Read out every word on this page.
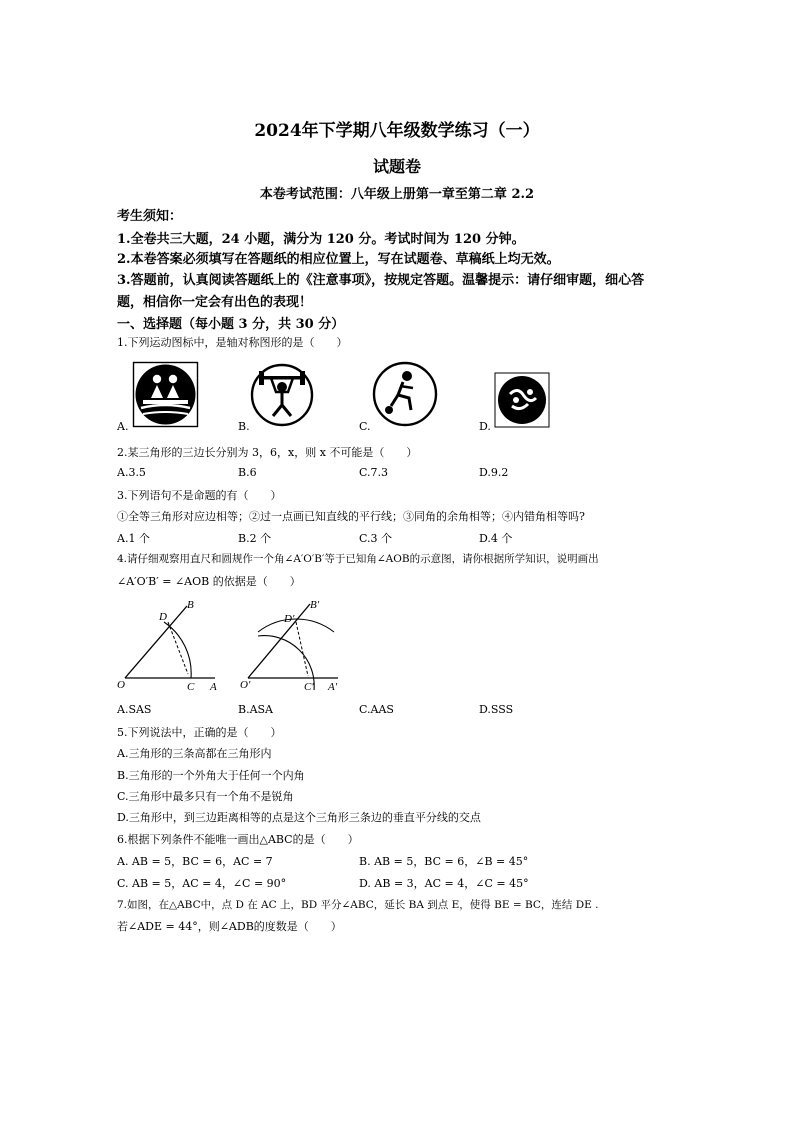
2024年下学期八年级数学练习（一）
试题卷
本卷考试范围：八年级上册第一章至第二章 2.2
考生须知：
1.全卷共三大题，24 小题，满分为 120 分。考试时间为 120 分钟。
2.本卷答案必须填写在答题纸的相应位置上，写在试题卷、草稿纸上均无效。
3.答题前，认真阅读答题纸上的《注意事项》，按规定答题。温馨提示：请仔细审题，细心答
题，相信你一定会有出色的表现！
一、选择题（每小题 3 分，共 30 分）
1.下列运动图标中，是轴对称图形的是（　　）
A.	B.	C.	D.
2.某三角形的三边长分别为 3，6，x，则 x 不可能是（　　）
A.3.5	B.6	C.7.3	D.9.2
3.下列语句不是命题的有（　　）
①全等三角形对应边相等；②过一点画已知直线的平行线；③同角的余角相等；④内错角相等吗?
A.1 个	B.2 个	C.3 个	D.4 个
4.请仔细观察用直尺和圆规作一个角∠A′O′B′等于已知角∠AOB的示意图，请你根据所学知识，说明画出
∠A′O′B′ = ∠AOB 的依据是（　　）
B
D
O	C A
B′
D′
O′	C′ A′
A.SAS	B.ASA	C.AAS	D.SSS
5.下列说法中，正确的是（　　）
A.三角形的三条高都在三角形内
B.三角形的一个外角大于任何一个内角
C.三角形中最多只有一个角不是锐角
D.三角形中，到三边距离相等的点是这个三角形三条边的垂直平分线的交点
6.根据下列条件不能唯一画出△ABC的是（　　）
A. AB = 5，BC = 6，AC = 7	B. AB = 5，BC = 6，∠B = 45°
C. AB = 5，AC = 4，∠C = 90°	D. AB = 3，AC = 4，∠C = 45°
7.如图，在△ABC中，点 D 在 AC 上，BD 平分∠ABC，延长 BA 到点 E，使得 BE = BC，连结 DE .
若∠ADE = 44°，则∠ADB的度数是（　　）
